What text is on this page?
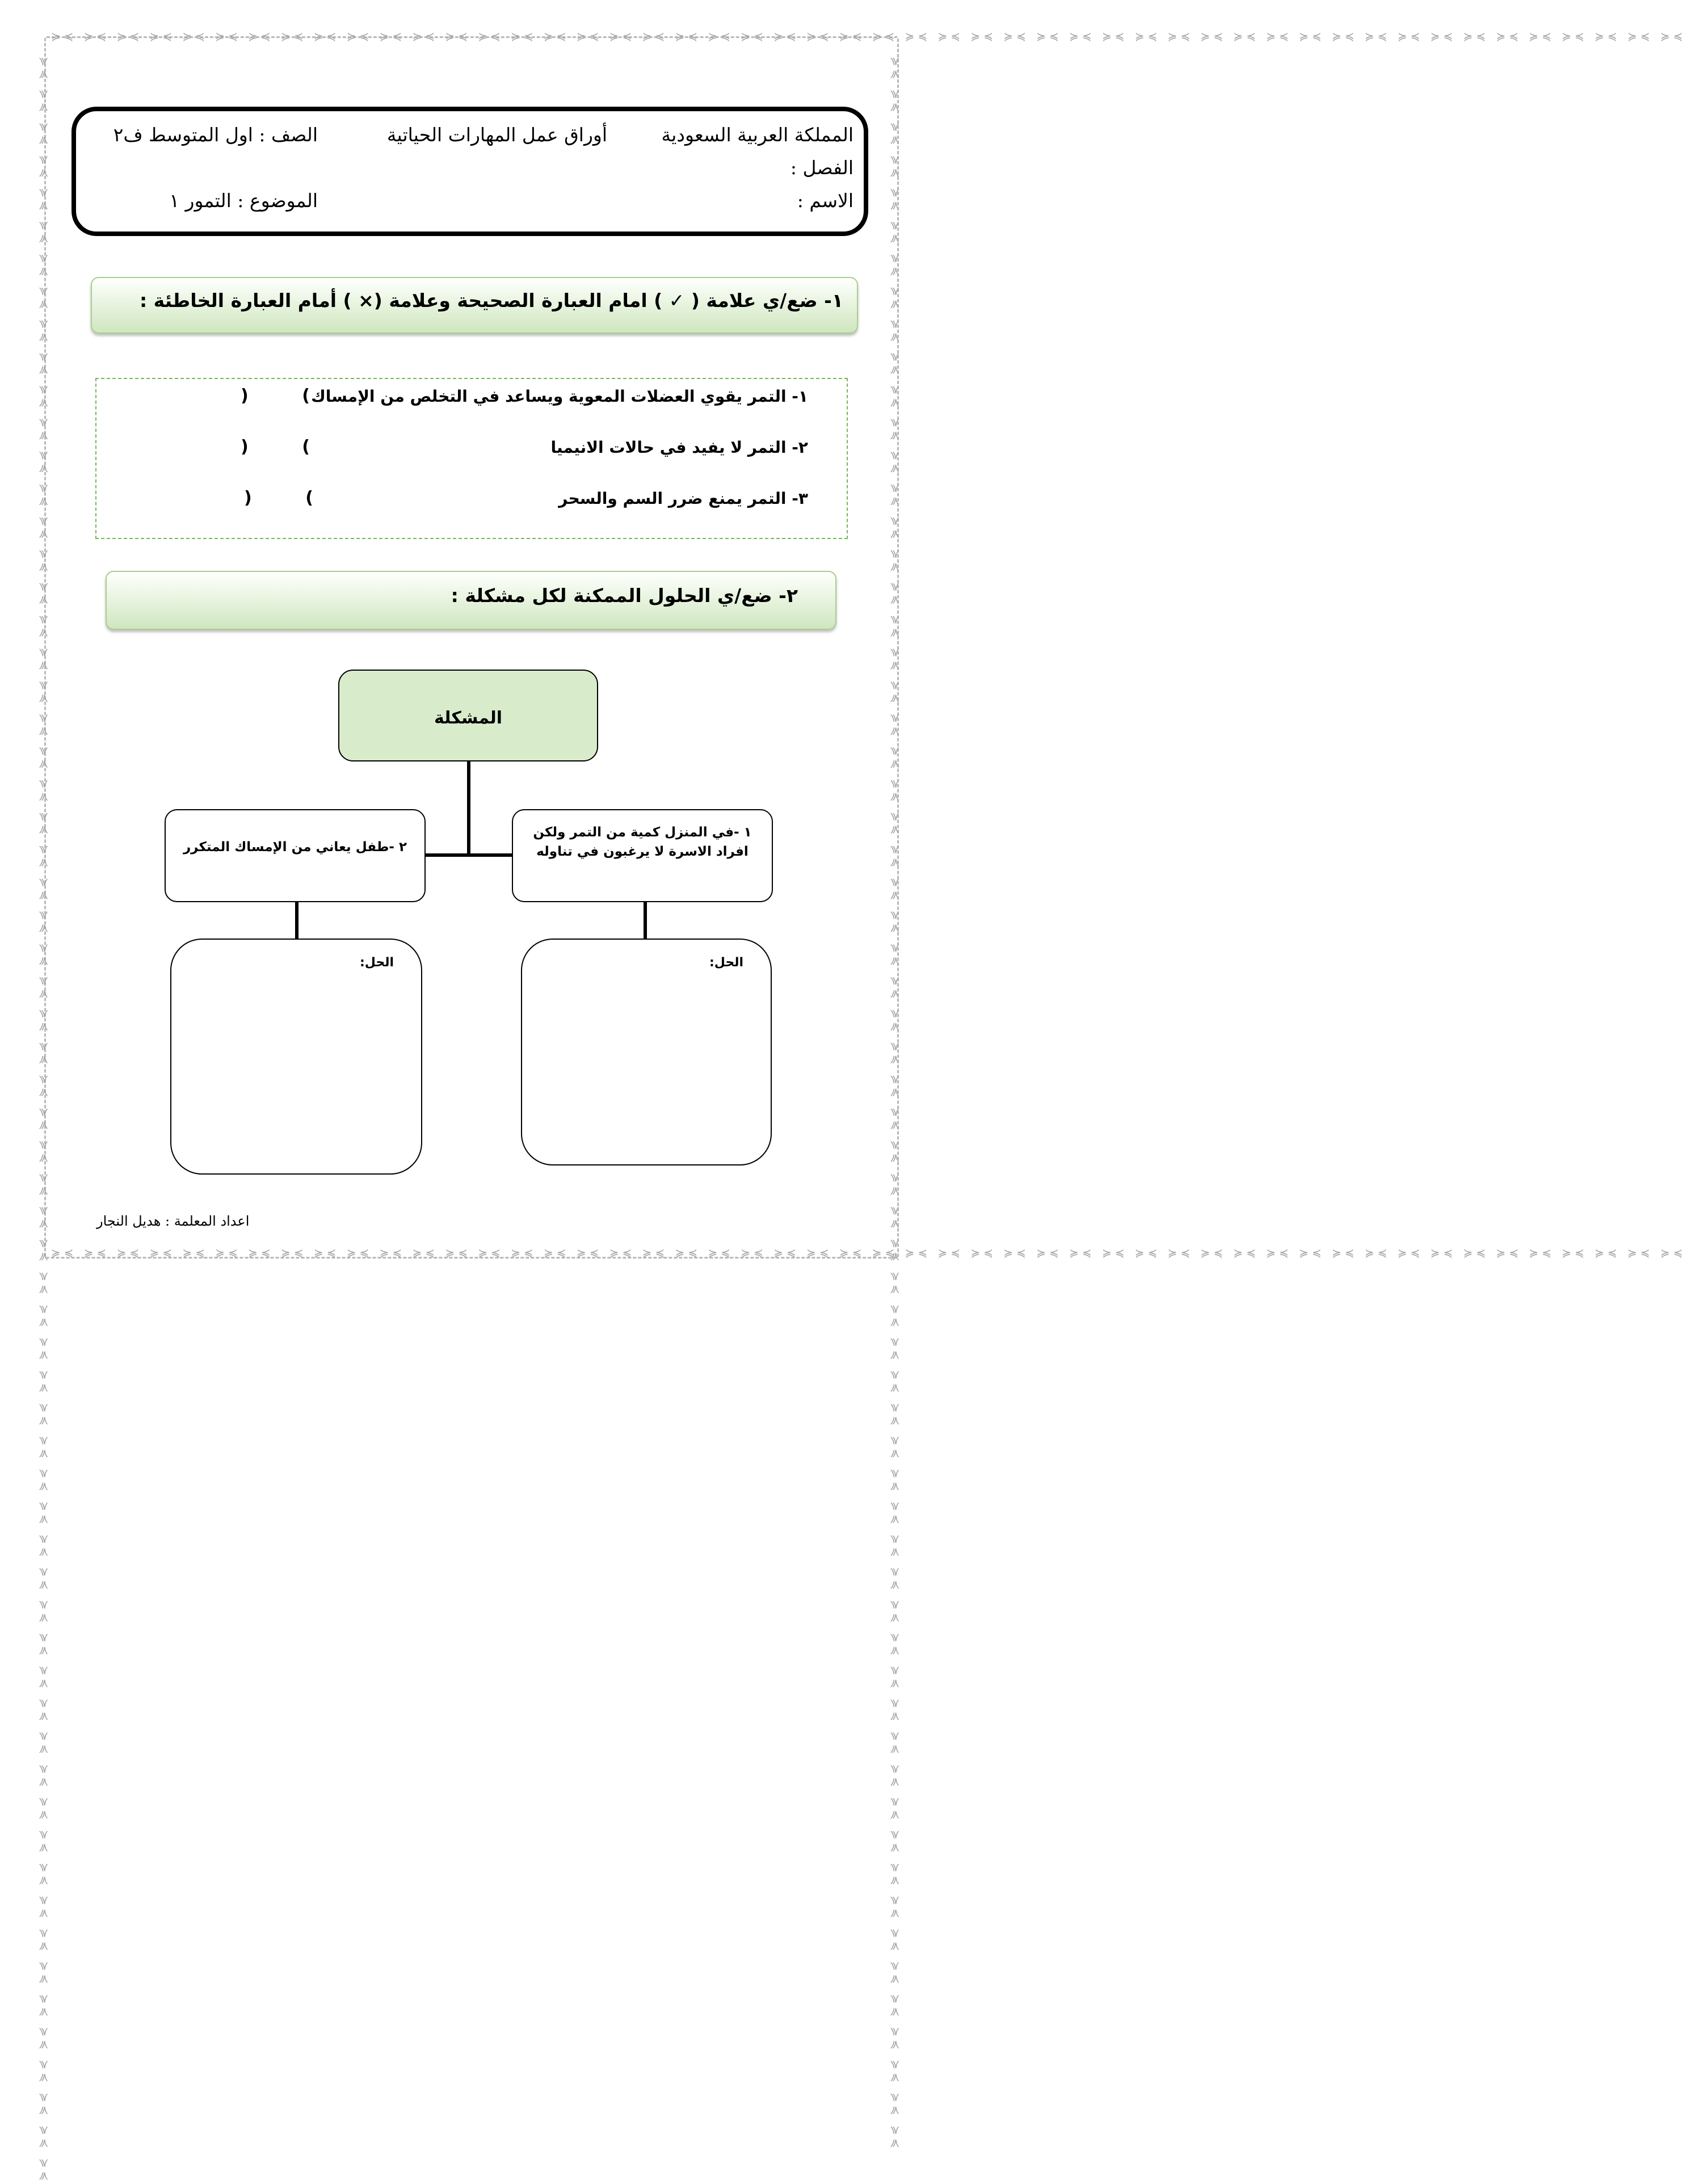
≽≼ ≽≼ ≽≼ ≽≼ ≽≼ ≽≼ ≽≼ ≽≼ ≽≼ ≽≼ ≽≼ ≽≼ ≽≼ ≽≼ ≽≼ ≽≼ ≽≼ ≽≼ ≽≼ ≽≼ ≽≼ ≽≼ ≽≼ ≽≼ ≽≼ ≽≼ ≽≼ ≽≼ ≽≼ ≽≼ ≽≼ ≽≼ ≽≼ ≽≼ ≽≼ ≽≼ ≽≼ ≽≼ ≽≼ ≽≼ ≽≼ ≽≼ ≽≼ ≽≼ ≽≼ ≽≼ ≽≼ ≽≼ ≽≼ ≽≼
≽≼ ≽≼ ≽≼ ≽≼ ≽≼ ≽≼ ≽≼ ≽≼ ≽≼ ≽≼ ≽≼ ≽≼ ≽≼ ≽≼ ≽≼ ≽≼ ≽≼ ≽≼ ≽≼ ≽≼ ≽≼ ≽≼ ≽≼ ≽≼ ≽≼ ≽≼ ≽≼ ≽≼ ≽≼ ≽≼ ≽≼ ≽≼ ≽≼ ≽≼ ≽≼ ≽≼ ≽≼ ≽≼ ≽≼ ≽≼ ≽≼ ≽≼ ≽≼ ≽≼ ≽≼ ≽≼ ≽≼ ≽≼ ≽≼ ≽≼
≽≼ ≽≼ ≽≼ ≽≼ ≽≼ ≽≼ ≽≼ ≽≼ ≽≼ ≽≼ ≽≼ ≽≼ ≽≼ ≽≼ ≽≼ ≽≼ ≽≼ ≽≼ ≽≼ ≽≼ ≽≼ ≽≼ ≽≼ ≽≼ ≽≼ ≽≼ ≽≼ ≽≼ ≽≼ ≽≼ ≽≼ ≽≼ ≽≼ ≽≼ ≽≼ ≽≼ ≽≼ ≽≼ ≽≼ ≽≼ ≽≼ ≽≼ ≽≼ ≽≼ ≽≼ ≽≼ ≽≼ ≽≼ ≽≼ ≽≼ ≽≼ ≽≼ ≽≼ ≽≼ ≽≼ ≽≼ ≽≼ ≽≼ ≽≼ ≽≼ ≽≼ ≽≼ ≽≼ ≽≼ ≽≼	≽≼ ≽≼ ≽≼ ≽≼ ≽≼ ≽≼ ≽≼ ≽≼ ≽≼ ≽≼ ≽≼ ≽≼ ≽≼ ≽≼ ≽≼ ≽≼ ≽≼ ≽≼ ≽≼ ≽≼ ≽≼ ≽≼ ≽≼ ≽≼ ≽≼ ≽≼ ≽≼ ≽≼ ≽≼ ≽≼ ≽≼ ≽≼ ≽≼ ≽≼ ≽≼ ≽≼ ≽≼ ≽≼ ≽≼ ≽≼ ≽≼ ≽≼ ≽≼ ≽≼ ≽≼ ≽≼ ≽≼ ≽≼ ≽≼ ≽≼ ≽≼ ≽≼ ≽≼ ≽≼ ≽≼ ≽≼ ≽≼ ≽≼ ≽≼ ≽≼ ≽≼ ≽≼ ≽≼ ≽≼
المملكة العربية السعودية
أوراق عمل المهارات الحياتية
الصف : اول المتوسط ف٢
الفصل :
الاسم :
الموضوع : التمور ١
١- ضع/ي علامة ( ✓ ) امام العبارة الصحيحة وعلامة (× ) أمام العبارة الخاطئة :
١- التمر يقوي العضلات المعوية ويساعد في التخلص من الإمساك
)	(
٢- التمر لا يفيد في حالات الانيميا
)	(
٣- التمر يمنع ضرر السم والسحر
)	(
٢- ضع/ي الحلول الممكنة لكل مشكلة :
المشكلة
١ -في المنزل كمية من التمر ولكن افراد الاسرة لا يرغبون في تناوله
٢ -طفل يعاني من الإمساك المتكرر
الحل:
الحل:
اعداد المعلمة : هديل النجار
